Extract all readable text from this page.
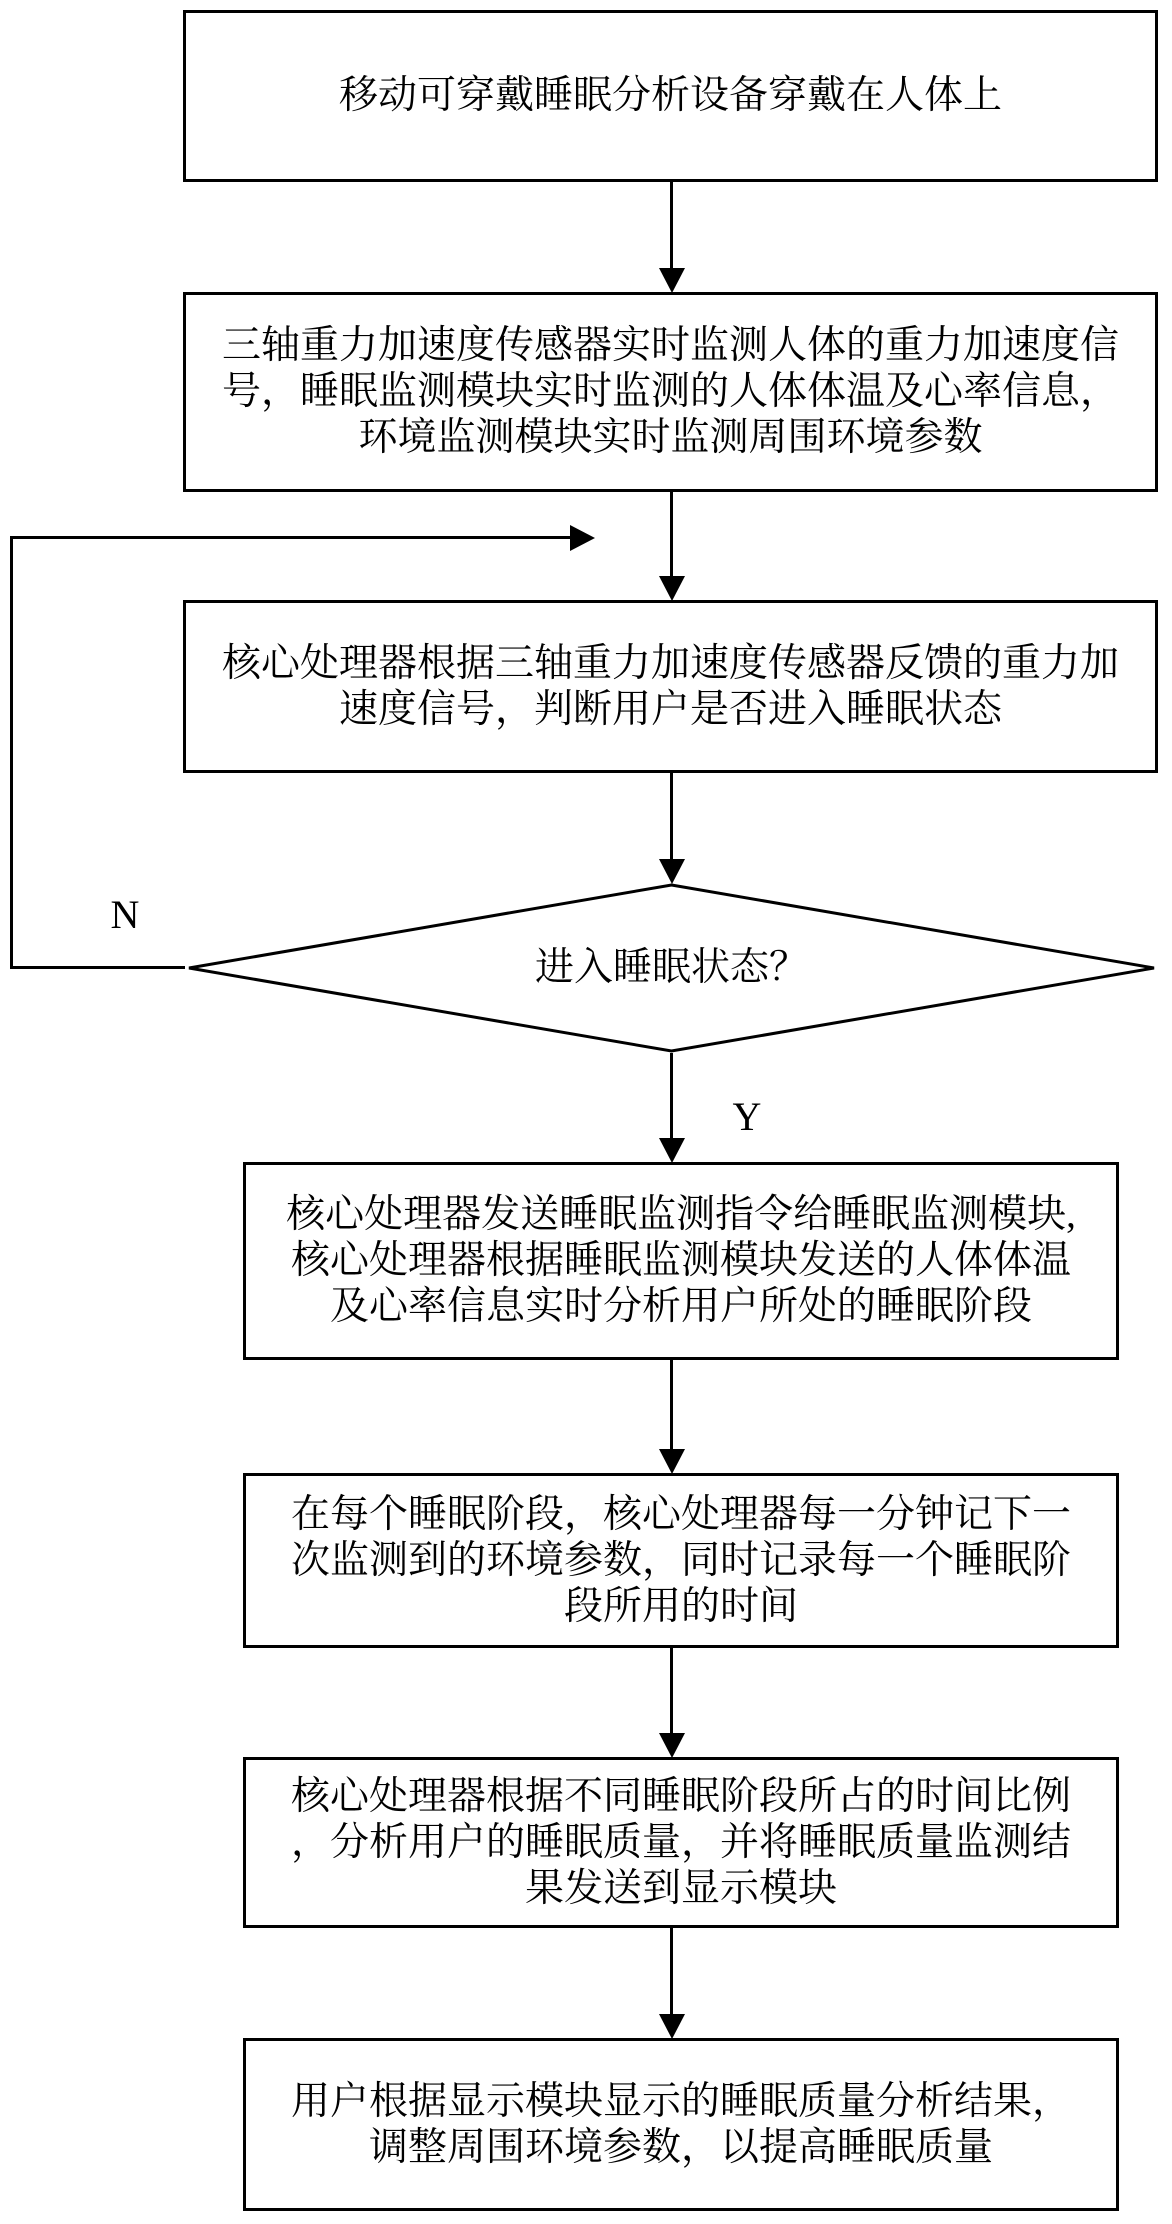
移动可穿戴睡眠分析设备穿戴在人体上
三轴重力加速度传感器实时监测人体的重力加速度信
号，睡眠监测模块实时监测的人体体温及心率信息，
环境监测模块实时监测周围环境参数
核心处理器根据三轴重力加速度传感器反馈的重力加
速度信号，判断用户是否进入睡眠状态
进入睡眠状态？
N
Y
核心处理器发送睡眠监测指令给睡眠监测模块,
核心处理器根据睡眠监测模块发送的人体体温
及心率信息实时分析用户所处的睡眠阶段
在每个睡眠阶段，核心处理器每一分钟记下一
次监测到的环境参数，同时记录每一个睡眠阶
段所用的时间
核心处理器根据不同睡眠阶段所占的时间比例
，分析用户的睡眠质量，并将睡眠质量监测结
果发送到显示模块
用户根据显示模块显示的睡眠质量分析结果，
调整周围环境参数，以提高睡眠质量
